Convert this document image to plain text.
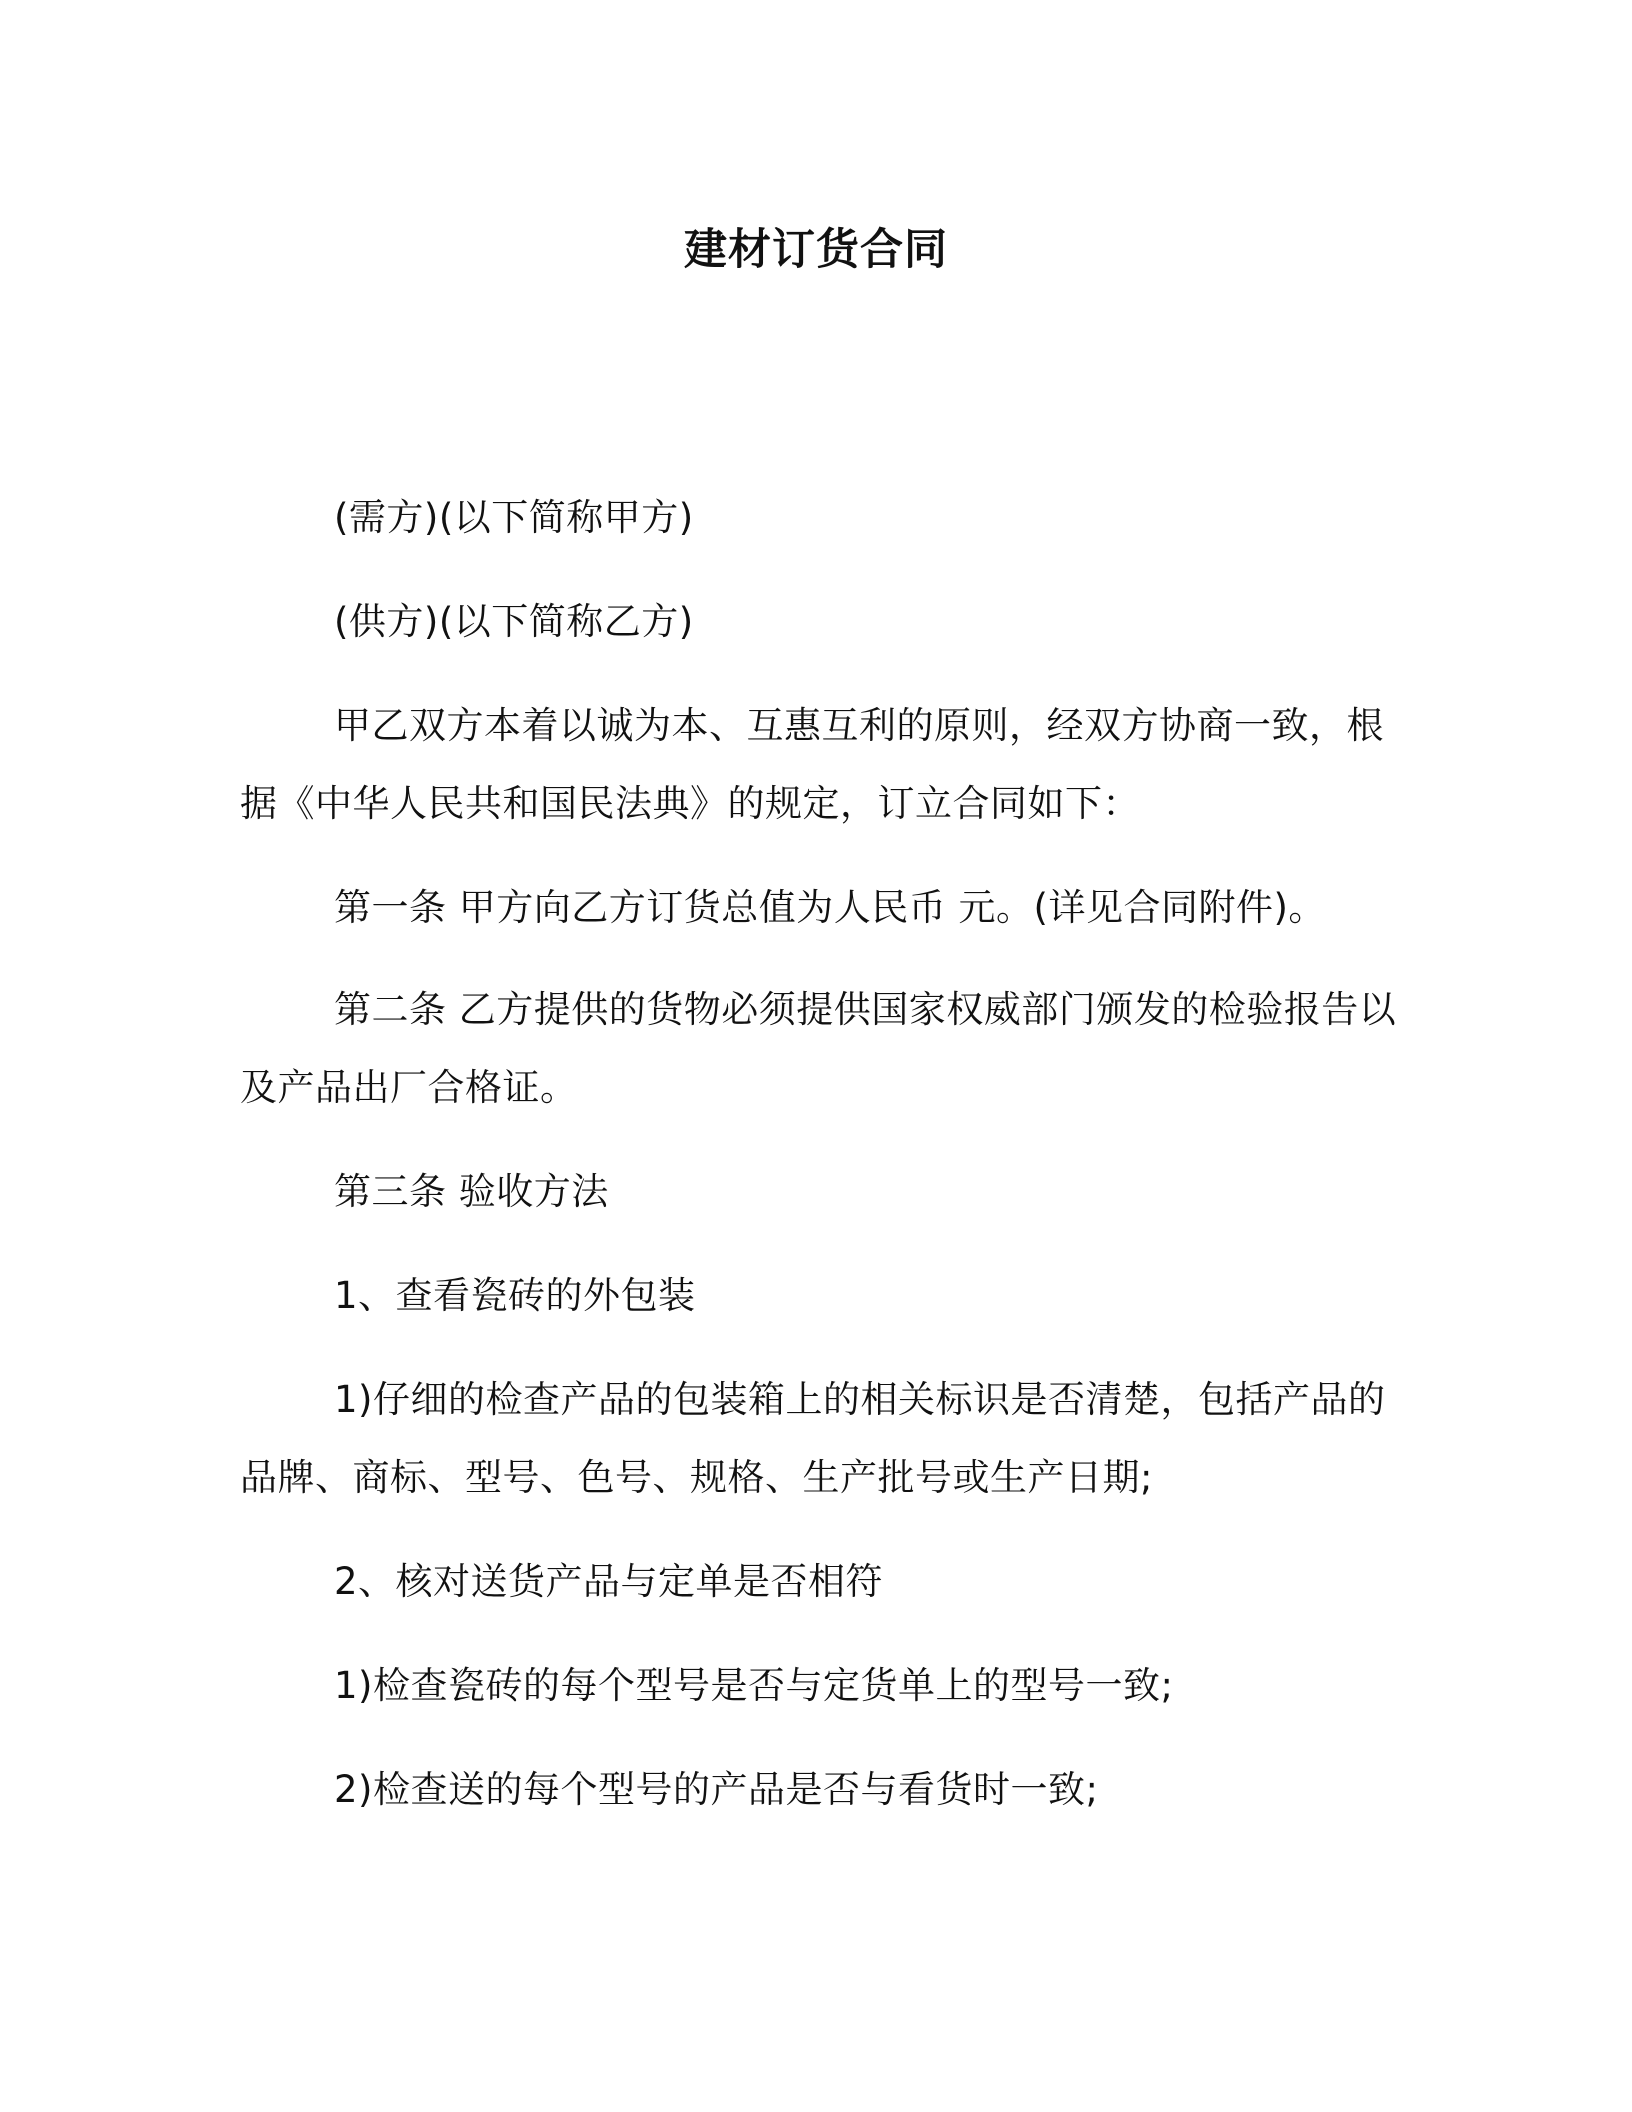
建材订货合同
(需方)(以下简称甲方)
(供方)(以下简称乙方)
甲乙双方本着以诚为本、互惠互利的原则，经双方协商一致，根
据《中华人民共和国民法典》的规定，订立合同如下：
第一条 甲方向乙方订货总值为人民币 元。(详见合同附件)。
第二条 乙方提供的货物必须提供国家权威部门颁发的检验报告以
及产品出厂合格证。
第三条 验收方法
1、查看瓷砖的外包装
1)仔细的检查产品的包装箱上的相关标识是否清楚，包括产品的
品牌、商标、型号、色号、规格、生产批号或生产日期;
2、核对送货产品与定单是否相符
1)检查瓷砖的每个型号是否与定货单上的型号一致;
2)检查送的每个型号的产品是否与看货时一致;
